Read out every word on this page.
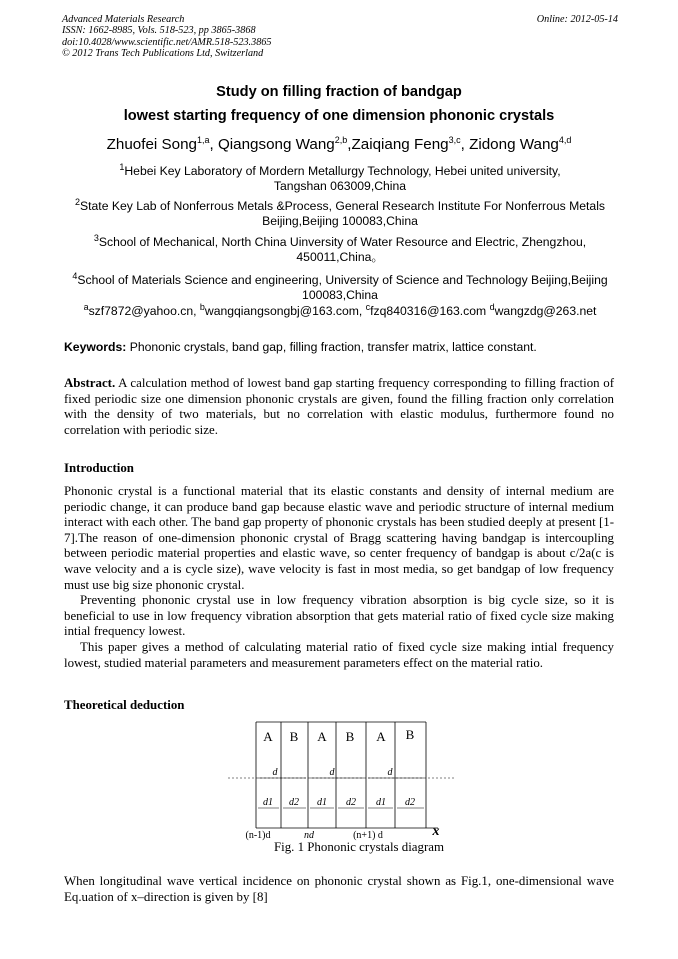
Advanced Materials Research
ISSN: 1662-8985, Vols. 518-523, pp 3865-3868
doi:10.4028/www.scientific.net/AMR.518-523.3865
© 2012 Trans Tech Publications Ltd, Switzerland
Online: 2012-05-14
Study on filling fraction of bandgap
lowest starting frequency of one dimension phononic crystals
Zhuofei Song$^{1,a}$, Qiangsong Wang$^{2,b}$,Zaiqiang Feng$^{3,c}$, Zidong Wang$^{4,d}$
$^1$Hebei Key Laboratory of Mordern Metallurgy Technology, Hebei united university,
Tangshan 063009,China
$^2$State Key Lab of Nonferrous Metals &Process, General Research Institute For Nonferrous Metals
Beijing,Beijing 100083,China
$^3$School of Mechanical, North China Uinversity of Water Resource and Electric, Zhengzhou,
450011,China。
$^4$School of Materials Science and engineering, University of Science and Technology Beijing,Beijing
100083,China
$^a$szf7872@yahoo.cn, $^b$wangqiangsongbj@163.com, $^c$fzq840316@163.com $^d$wangzdg@263.net
Keywords: Phononic crystals, band gap, filling fraction, transfer matrix, lattice constant.
Abstract. A calculation method of lowest band gap starting frequency corresponding to filling fraction of fixed periodic size one dimension phononic crystals are given, found the filling fraction only correlation with the density of two materials, but no correlation with elastic modulus, furthermore found no correlation with periodic size.
Introduction
Phononic crystal is a functional material that its elastic constants and density of internal medium are periodic change, it can produce band gap because elastic wave and periodic structure of internal medium interact with each other. The band gap property of phononic crystals has been studied deeply at present [1-7].The reason of one-dimension phononic crystal of Bragg scattering having bandgap is intercoupling between periodic material properties and elastic wave, so center frequency of bandgap is about c/2a(c is wave velocity and a is cycle size), wave velocity is fast in most media, so get bandgap of low frequency must use big size phononic crystal.
Preventing phononic crystal use in low frequency vibration absorption is big cycle size, so it is beneficial to use in low frequency vibration absorption that gets material ratio of fixed cycle size making intial frequency lowest.
This paper gives a method of calculating material ratio of fixed cycle size making intial frequency lowest, studied material parameters and measurement parameters effect on the material ratio.
Theoretical deduction
A B A B A B
d	d	d
d1 d2 d1 d2 d1 d2
(n-1)d	nd	(n+1) d	x
Fig. 1 Phononic crystals diagram
When longitudinal wave vertical incidence on phononic crystal shown as Fig.1, one-dimensional wave Eq.uation of x–direction is given by [8]
